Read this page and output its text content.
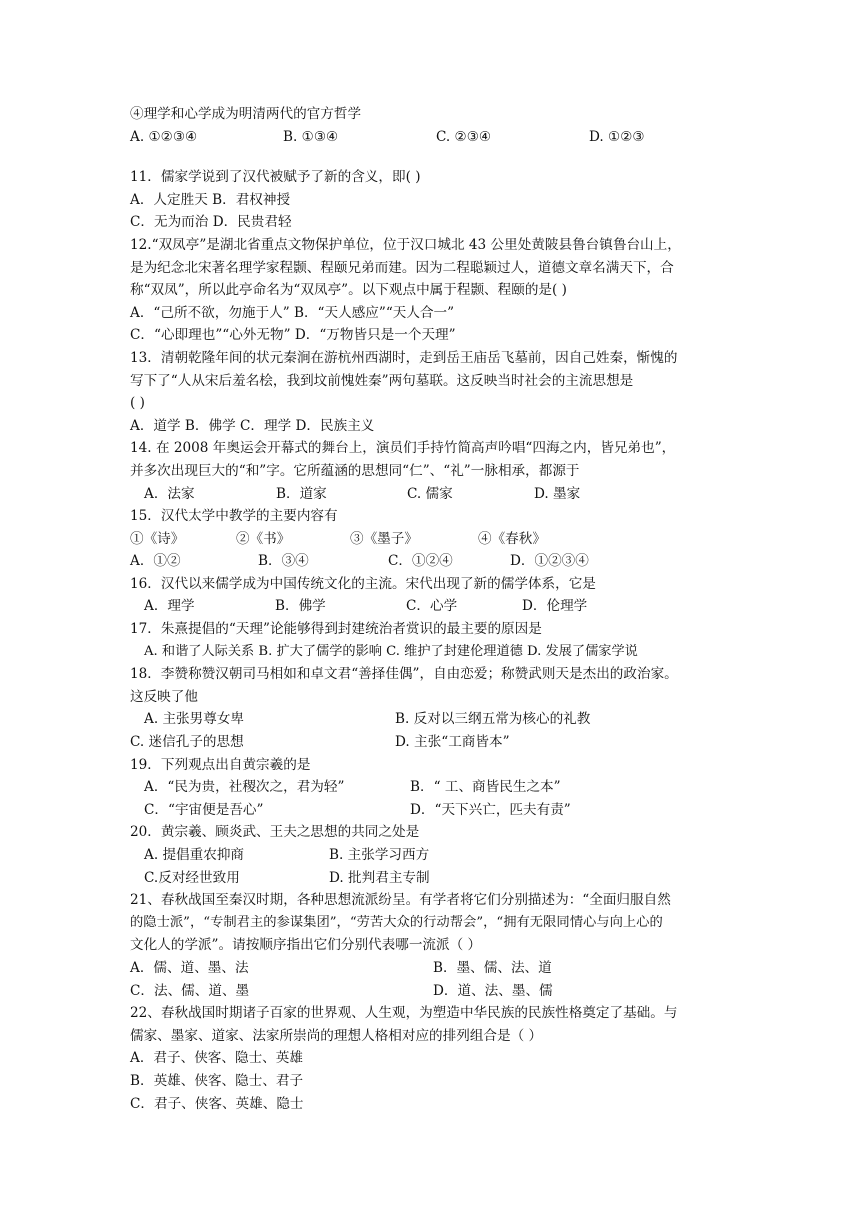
④理学和心学成为明清两代的官方哲学
A. ①②③④	B. ①③④	C. ②③④	D. ①②③
11．儒家学说到了汉代被赋予了新的含义，即( )
A．人定胜天 B．君权神授
C．无为而治 D．民贵君轻
12.“双凤亭”是湖北省重点文物保护单位，位于汉口城北 43 公里处黄陂县鲁台镇鲁台山上，
是为纪念北宋著名理学家程颢、程颐兄弟而建。因为二程聪颖过人，道德文章名满天下，合
称“双凤”，所以此亭命名为“双凤亭”。以下观点中属于程颢、程颐的是( )
A．“己所不欲，勿施于人” B．“天人感应”“天人合一”
C．“心即理也”“心外无物” D．“万物皆只是一个天理”
13．清朝乾隆年间的状元秦涧在游杭州西湖时，走到岳王庙岳飞墓前，因自己姓秦，惭愧的
写下了“人从宋后羞名桧，我到坟前愧姓秦”两句墓联。这反映当时社会的主流思想是
( )
A．道学 B．佛学 C．理学 D．民族主义
14. 在 2008 年奥运会开幕式的舞台上，演员们手持竹简高声吟唱“四海之内，皆兄弟也”，
并多次出现巨大的“和”字。它所蕴涵的思想同“仁”、“礼”一脉相承，都源于
A．法家	B．道家	C. 儒家	D. 墨家
15．汉代太学中教学的主要内容有
①《诗》	②《书》	③《墨子》	④《春秋》
A．①②	B．③④	C．①②④	D．①②③④
16．汉代以来儒学成为中国传统文化的主流。宋代出现了新的儒学体系，它是
A．理学	B．佛学	C．心学	D．伦理学
17．朱熹提倡的“天理”论能够得到封建统治者赏识的最主要的原因是
A. 和谐了人际关系 B. 扩大了儒学的影响 C. 维护了封建伦理道德 D. 发展了儒家学说
18．李赞称赞汉朝司马相如和卓文君“善择佳偶”，自由恋爱；称赞武则天是杰出的政治家。
这反映了他
A. 主张男尊女卑	B. 反对以三纲五常为核心的礼教
C. 迷信孔子的思想	D. 主张“工商皆本”
19．下列观点出自黄宗羲的是
A．“民为贵，社稷次之，君为轻”	B．“ 工、商皆民生之本”
C．“宇宙便是吾心”	D．“天下兴亡，匹夫有责”
20．黄宗羲、顾炎武、王夫之思想的共同之处是
A. 提倡重农抑商	B. 主张学习西方
C.反对经世致用	D. 批判君主专制
21、春秋战国至秦汉时期，各种思想流派纷呈。有学者将它们分别描述为：“全面归服自然
的隐士派”，“专制君主的参谋集团”，“劳苦大众的行动帮会”，“拥有无限同情心与向上心的
文化人的学派”。请按顺序指出它们分别代表哪一流派（ ）
A．儒、道、墨、法	B．墨、儒、法、道
C．法、儒、道、墨	D．道、法、墨、儒
22、春秋战国时期诸子百家的世界观、人生观，为塑造中华民族的民族性格奠定了基础。与
儒家、墨家、道家、法家所崇尚的理想人格相对应的排列组合是（ ）
A．君子、侠客、隐士、英雄
B．英雄、侠客、隐士、君子
C．君子、侠客、英雄、隐士
